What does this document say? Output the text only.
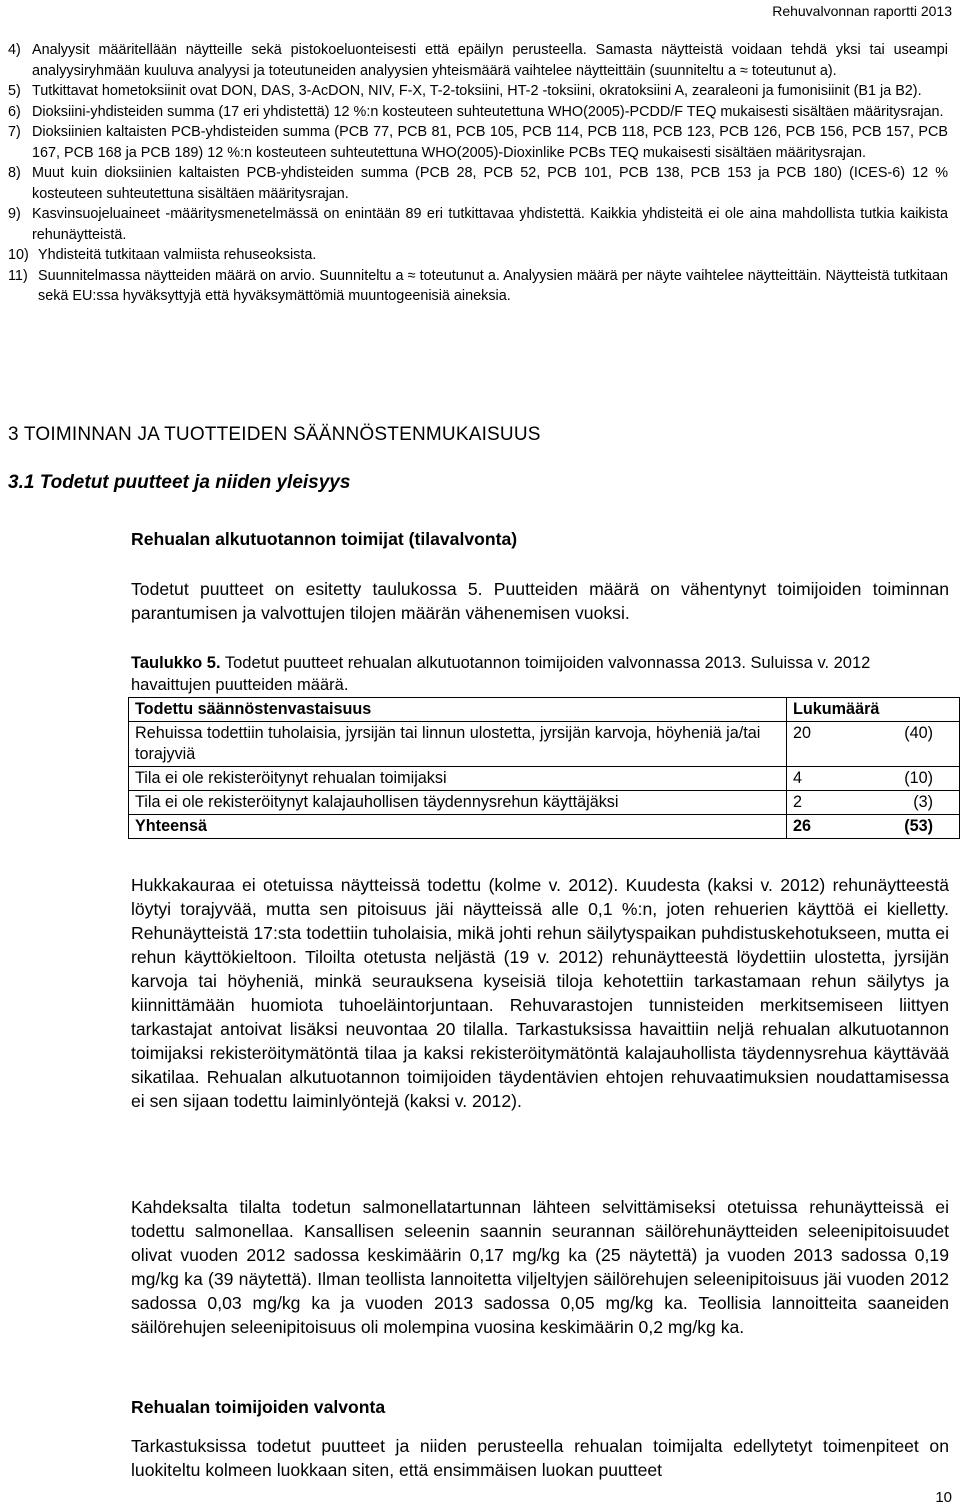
Rehuvalvonnan raportti 2013
4) Analyysit määritellään näytteille sekä pistokoeluonteisesti että epäilyn perusteella. Samasta näytteistä voidaan tehdä yksi tai useampi analyysiryhmään kuuluva analyysi ja toteutuneiden analyysien yhteismäärä vaihtelee näytteittäin (suunniteltu a ≈ toteutunut a).
5) Tutkittavat hometoksiinit ovat DON, DAS, 3-AcDON, NIV, F-X, T-2-toksiini, HT-2 -toksiini, okratoksiini A, zearaleoni ja fumonisiinit (B1 ja B2).
6) Dioksiini-yhdisteiden summa (17 eri yhdistettä) 12 %:n kosteuteen suhteutettuna WHO(2005)-PCDD/F TEQ mukaisesti sisältäen määritysrajan.
7) Dioksiinien kaltaisten PCB-yhdisteiden summa (PCB 77, PCB 81, PCB 105, PCB 114, PCB 118, PCB 123, PCB 126, PCB 156, PCB 157, PCB 167, PCB 168 ja PCB 189) 12 %:n kosteuteen suhteutettuna WHO(2005)-Dioxinlike PCBs TEQ mukaisesti sisältäen määritysrajan.
8) Muut kuin dioksiinien kaltaisten PCB-yhdisteiden summa (PCB 28, PCB 52, PCB 101, PCB 138, PCB 153 ja PCB 180) (ICES-6) 12 % kosteuteen suhteutettuna sisältäen määritysrajan.
9) Kasvinsuojeluaineet -määritysmenetelmässä on enintään 89 eri tutkittavaa yhdistettä. Kaikkia yhdisteitä ei ole aina mahdollista tutkia kaikista rehunäytteistä.
10) Yhdisteitä tutkitaan valmiista rehuseoksista.
11) Suunnitelmassa näytteiden määrä on arvio. Suunniteltu a ≈ toteutunut a. Analyysien määrä per näyte vaihtelee näytteittäin. Näytteistä tutkitaan sekä EU:ssa hyväksyttyjä että hyväksymättömiä muuntogeenisiä aineksia.
3 TOIMINNAN JA TUOTTEIDEN SÄÄNNÖSTENMUKAISUUS
3.1 Todetut puutteet ja niiden yleisyys
Rehualan alkutuotannon toimijat (tilavalvonta)
Todetut puutteet on esitetty taulukossa 5. Puutteiden määrä on vähentynyt toimijoiden toiminnan parantumisen ja valvottujen tilojen määrän vähenemisen vuoksi.
Taulukko 5. Todetut puutteet rehualan alkutuotannon toimijoiden valvonnassa 2013. Suluissa v. 2012 havaittujen puutteiden määrä.
Todettu säännöstenvastaisuus	Lukumäärä
Rehuissa todettiin tuholaisia, jyrsijän tai linnun ulostetta, jyrsijän karvoja, höyheniä ja/tai torajyviä	20 (40)
Tila ei ole rekisteröitynyt rehualan toimijaksi	4 (10)
Tila ei ole rekisteröitynyt kalajauhollisen täydennysrehun käyttäjäksi	2 (3)
Yhteensä	26 (53)
Hukkakauraa ei otetuissa näytteissä todettu (kolme v. 2012). Kuudesta (kaksi v. 2012) rehunäytteestä löytyi torajyvää, mutta sen pitoisuus jäi näytteissä alle 0,1 %:n, joten rehuerien käyttöä ei kielletty. Rehunäytteistä 17:sta todettiin tuholaisia, mikä johti rehun säilytyspaikan puhdistuskehotukseen, mutta ei rehun käyttökieltoon. Tiloilta otetusta neljästä (19 v. 2012) rehunäytteestä löydettiin ulostetta, jyrsijän karvoja tai höyheniä, minkä seurauksena kyseisiä tiloja kehotettiin tarkastamaan rehun säilytys ja kiinnittämään huomiota tuhoeläintorjuntaan. Rehuvarastojen tunnisteiden merkitsemiseen liittyen tarkastajat antoivat lisäksi neuvontaa 20 tilalla. Tarkastuksissa havaittiin neljä rehualan alkutuotannon toimijaksi rekisteröitymätöntä tilaa ja kaksi rekisteröitymätöntä kalajauhollista täydennysrehua käyttävää sikatilaa. Rehualan alkutuotannon toimijoiden täydentävien ehtojen rehuvaatimuksien noudattamisessa ei sen sijaan todettu laiminlyöntejä (kaksi v. 2012).
Kahdeksalta tilalta todetun salmonellatartunnan lähteen selvittämiseksi otetuissa rehunäytteissä ei todettu salmonellaa. Kansallisen seleenin saannin seurannan säilörehunäytteiden seleenipitoisuudet olivat vuoden 2012 sadossa keskimäärin 0,17 mg/kg ka (25 näytettä) ja vuoden 2013 sadossa 0,19 mg/kg ka (39 näytettä). Ilman teollista lannoitetta viljeltyjen säilörehujen seleenipitoisuus jäi vuoden 2012 sadossa 0,03 mg/kg ka ja vuoden 2013 sadossa 0,05 mg/kg ka. Teollisia lannoitteita saaneiden säilörehujen seleenipitoisuus oli molempina vuosina keskimäärin 0,2 mg/kg ka.
Rehualan toimijoiden valvonta
Tarkastuksissa todetut puutteet ja niiden perusteella rehualan toimijalta edellytetyt toimenpiteet on luokiteltu kolmeen luokkaan siten, että ensimmäisen luokan puutteet
10
